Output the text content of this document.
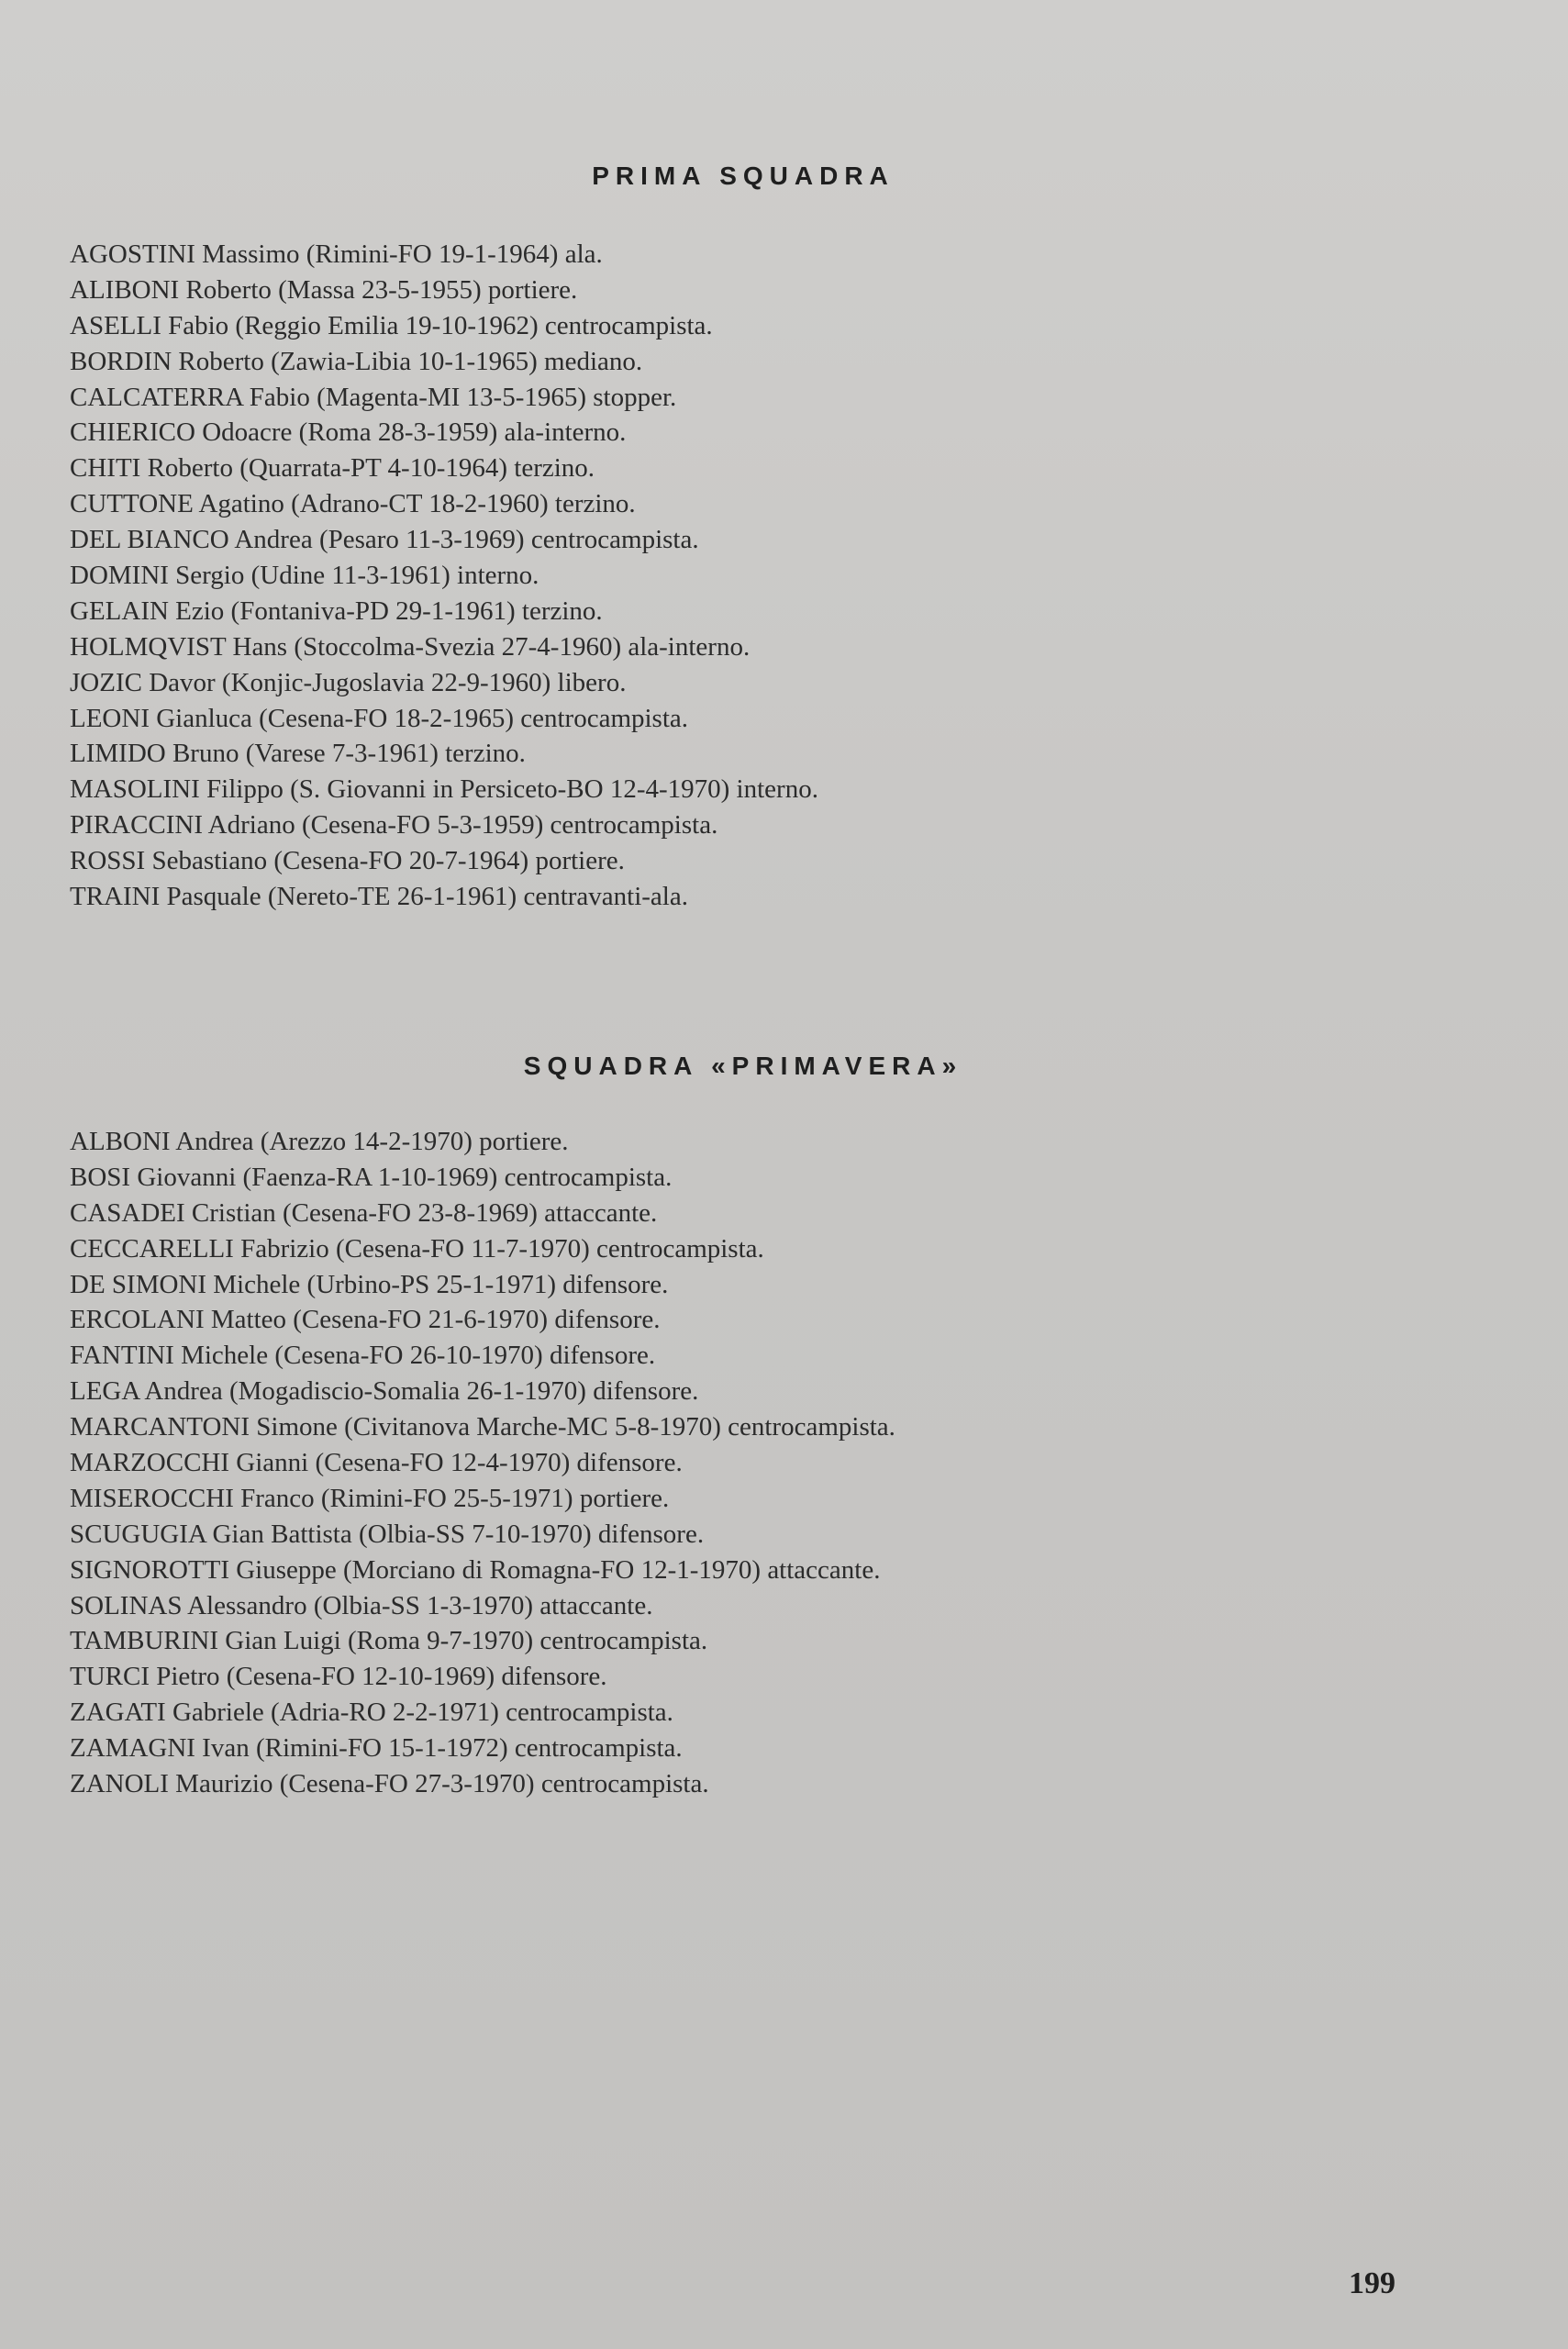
PRIMA SQUADRA
AGOSTINI Massimo (Rimini-FO 19-1-1964) ala.
ALIBONI Roberto (Massa 23-5-1955) portiere.
ASELLI Fabio (Reggio Emilia 19-10-1962) centrocampista.
BORDIN Roberto (Zawia-Libia 10-1-1965) mediano.
CALCATERRA Fabio (Magenta-MI 13-5-1965) stopper.
CHIERICO Odoacre (Roma 28-3-1959) ala-interno.
CHITI Roberto (Quarrata-PT 4-10-1964) terzino.
CUTTONE Agatino (Adrano-CT 18-2-1960) terzino.
DEL BIANCO Andrea (Pesaro 11-3-1969) centrocampista.
DOMINI Sergio (Udine 11-3-1961) interno.
GELAIN Ezio (Fontaniva-PD 29-1-1961) terzino.
HOLMQVIST Hans (Stoccolma-Svezia 27-4-1960) ala-interno.
JOZIC Davor (Konjic-Jugoslavia 22-9-1960) libero.
LEONI Gianluca (Cesena-FO 18-2-1965) centrocampista.
LIMIDO Bruno (Varese 7-3-1961) terzino.
MASOLINI Filippo (S. Giovanni in Persiceto-BO 12-4-1970) interno.
PIRACCINI Adriano (Cesena-FO 5-3-1959) centrocampista.
ROSSI Sebastiano (Cesena-FO 20-7-1964) portiere.
TRAINI Pasquale (Nereto-TE 26-1-1961) centravanti-ala.
SQUADRA «PRIMAVERA»
ALBONI Andrea (Arezzo 14-2-1970) portiere.
BOSI Giovanni (Faenza-RA 1-10-1969) centrocampista.
CASADEI Cristian (Cesena-FO 23-8-1969) attaccante.
CECCARELLI Fabrizio (Cesena-FO 11-7-1970) centrocampista.
DE SIMONI Michele (Urbino-PS 25-1-1971) difensore.
ERCOLANI Matteo (Cesena-FO 21-6-1970) difensore.
FANTINI Michele (Cesena-FO 26-10-1970) difensore.
LEGA Andrea (Mogadiscio-Somalia 26-1-1970) difensore.
MARCANTONI Simone (Civitanova Marche-MC 5-8-1970) centrocampista.
MARZOCCHI Gianni (Cesena-FO 12-4-1970) difensore.
MISEROCCHI Franco (Rimini-FO 25-5-1971) portiere.
SCUGUGIA Gian Battista (Olbia-SS 7-10-1970) difensore.
SIGNOROTTI Giuseppe (Morciano di Romagna-FO 12-1-1970) attaccante.
SOLINAS Alessandro (Olbia-SS 1-3-1970) attaccante.
TAMBURINI Gian Luigi (Roma 9-7-1970) centrocampista.
TURCI Pietro (Cesena-FO 12-10-1969) difensore.
ZAGATI Gabriele (Adria-RO 2-2-1971) centrocampista.
ZAMAGNI Ivan (Rimini-FO 15-1-1972) centrocampista.
ZANOLI Maurizio (Cesena-FO 27-3-1970) centrocampista.
199
